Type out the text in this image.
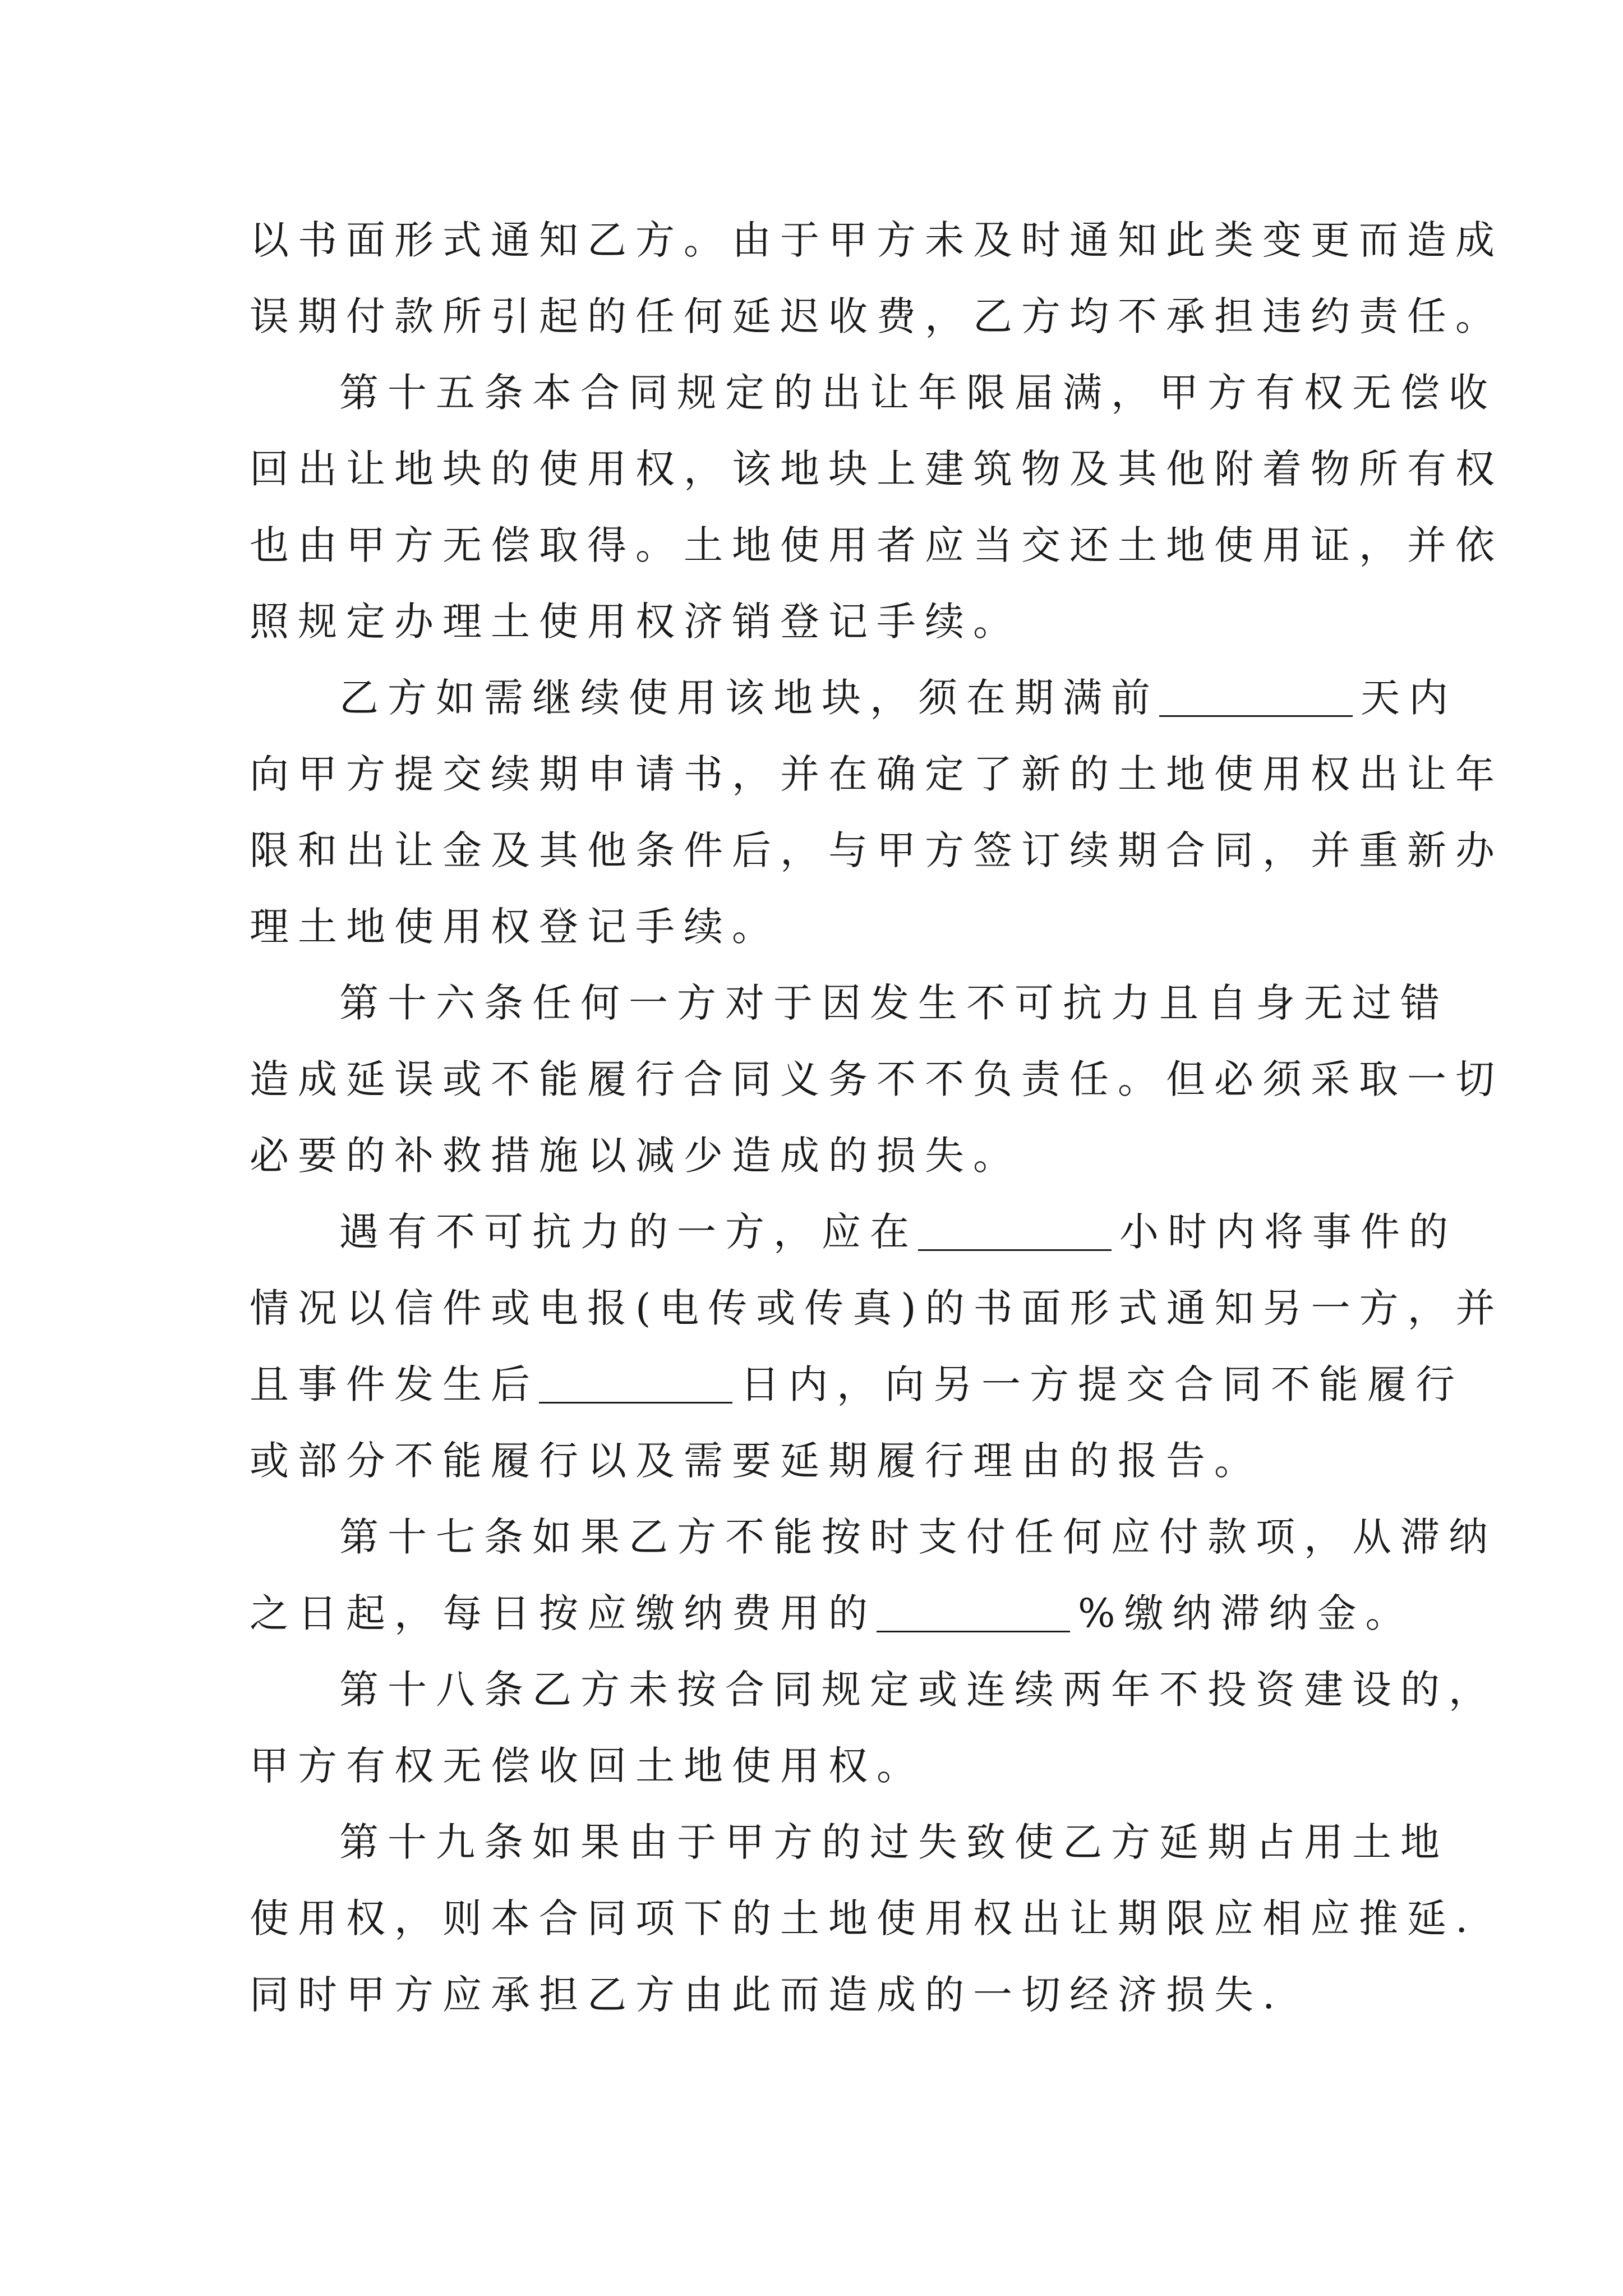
以书面形式通知乙方。由于甲方未及时通知此类变更而造成
误期付款所引起的任何延迟收费，乙方均不承担违约责任。
第十五条本合同规定的出让年限届满，甲方有权无偿收
回出让地块的使用权，该地块上建筑物及其他附着物所有权
也由甲方无偿取得。土地使用者应当交还土地使用证，并依
照规定办理土使用权济销登记手续。
乙方如需继续使用该地块，须在期满前	天内
向甲方提交续期申请书，并在确定了新的土地使用权出让年
限和出让金及其他条件后，与甲方签订续期合同，并重新办
理土地使用权登记手续。
第十六条任何一方对于因发生不可抗力且自身无过错
造成延误或不能履行合同义务不不负责任。但必须采取一切
必要的补救措施以减少造成的损失。
遇有不可抗力的一方，应在	小时内将事件的
情况以信件或电报(电传或传真)的书面形式通知另一方，并
且事件发生后	日内，向另一方提交合同不能履行
或部分不能履行以及需要延期履行理由的报告。
第十七条如果乙方不能按时支付任何应付款项，从滞纳
之日起，每日按应缴纳费用的	%缴纳滞纳金。
第十八条乙方未按合同规定或连续两年不投资建设的，
甲方有权无偿收回土地使用权。
第十九条如果由于甲方的过失致使乙方延期占用土地
使用权，则本合同项下的土地使用权出让期限应相应推延.
同时甲方应承担乙方由此而造成的一切经济损失.
